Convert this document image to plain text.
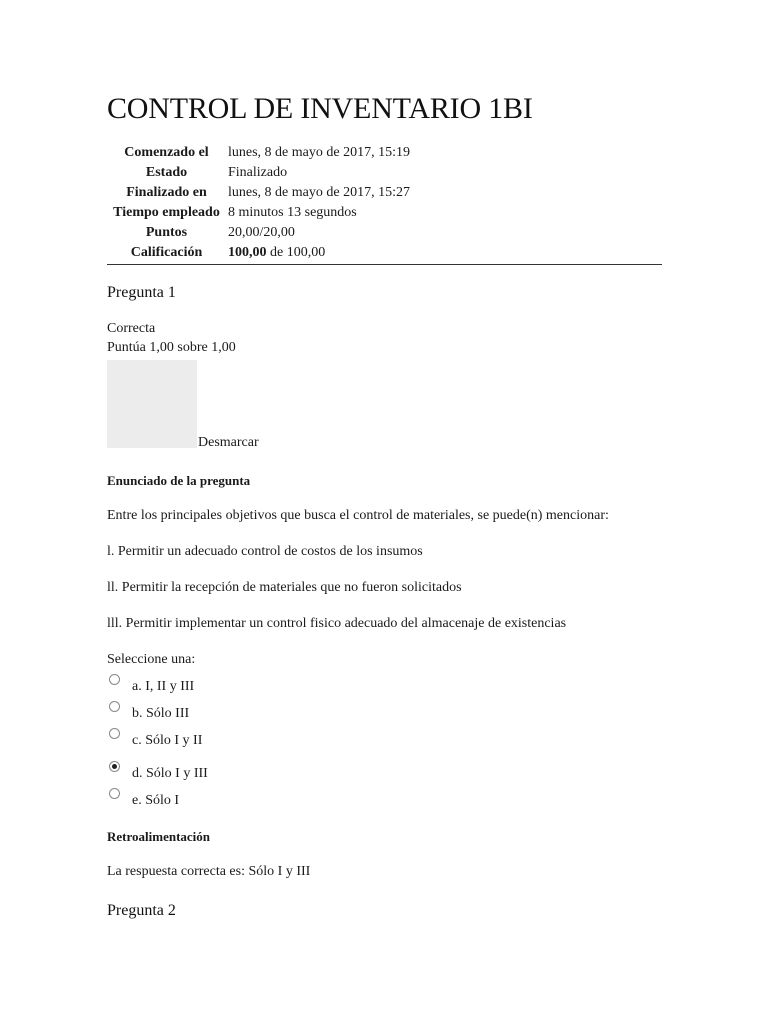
CONTROL DE INVENTARIO 1BI
Comenzado el	lunes, 8 de mayo de 2017, 15:19
Estado	Finalizado
Finalizado en	lunes, 8 de mayo de 2017, 15:27
Tiempo empleado	8 minutos 13 segundos
Puntos	20,00/20,00
Calificación	100,00 de 100,00
Pregunta 1
Correcta
Puntúa 1,00 sobre 1,00
Desmarcar
Enunciado de la pregunta
Entre los principales objetivos que busca el control de materiales, se puede(n) mencionar:
l. Permitir un adecuado control de costos de los insumos
ll. Permitir la recepción de materiales que no fueron solicitados
lll. Permitir implementar un control fisico adecuado del almacenaje de existencias
Seleccione una:
a. I, II y III
b. Sólo III
c. Sólo I y II
d. Sólo I y III
e. Sólo I
Retroalimentación
La respuesta correcta es: Sólo I y III
Pregunta 2
